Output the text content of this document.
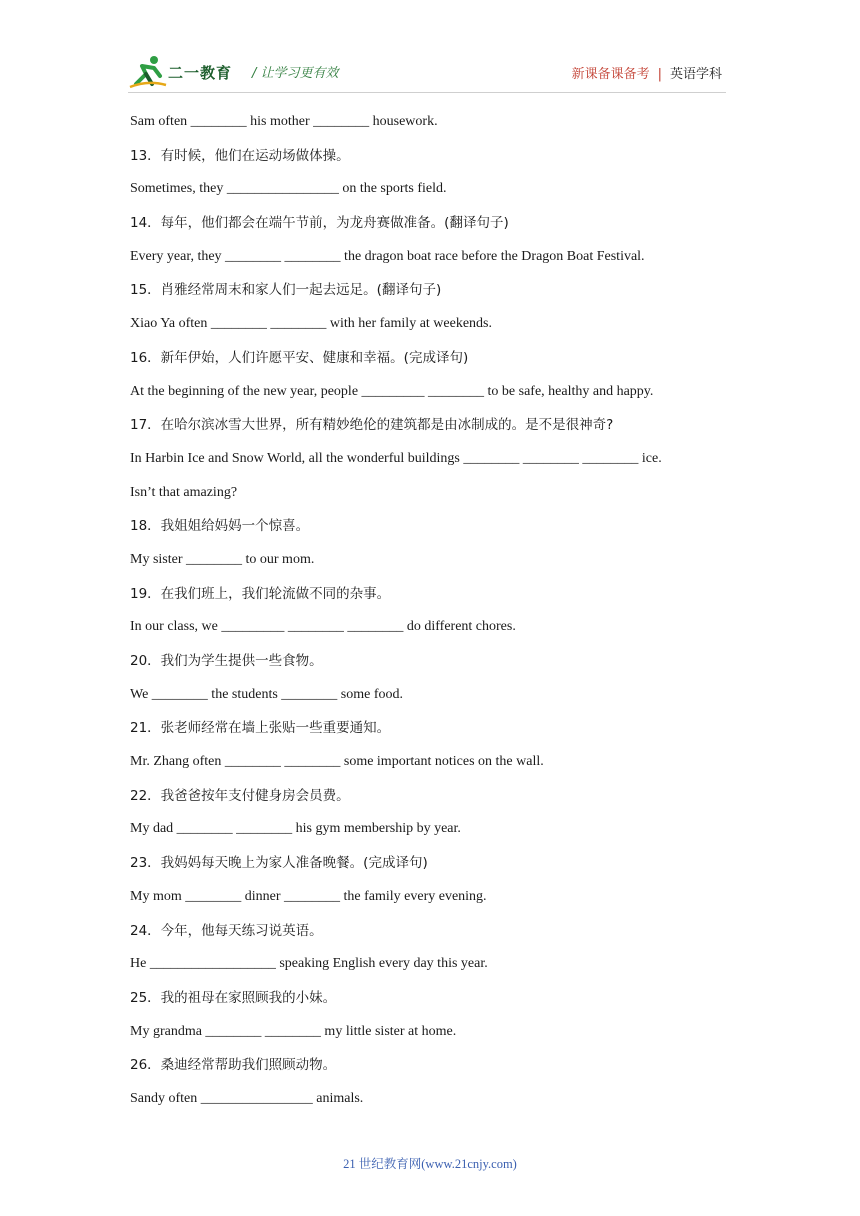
二一教育 / 让学习更有效	新课备课备考 | 英语学科
Sam often ________ his mother ________ housework.
13．有时候，他们在运动场做体操。
Sometimes, they ________________ on the sports field.
14．每年，他们都会在端午节前，为龙舟赛做准备。(翻译句子)
Every year, they ________ ________ the dragon boat race before the Dragon Boat Festival.
15．肖雅经常周末和家人们一起去远足。(翻译句子)
Xiao Ya often ________ ________ with her family at weekends.
16．新年伊始，人们许愿平安、健康和幸福。(完成译句)
At the beginning of the new year, people _________ ________ to be safe, healthy and happy.
17．在哈尔滨冰雪大世界，所有精妙绝伦的建筑都是由冰制成的。是不是很神奇?
In Harbin Ice and Snow World, all the wonderful buildings ________ ________ ________ ice.
Isn’t that amazing?
18．我姐姐给妈妈一个惊喜。
My sister ________ to our mom.
19．在我们班上，我们轮流做不同的杂事。
In our class, we _________ ________ ________ do different chores.
20．我们为学生提供一些食物。
We ________ the students ________ some food.
21．张老师经常在墙上张贴一些重要通知。
Mr. Zhang often ________ ________ some important notices on the wall.
22．我爸爸按年支付健身房会员费。
My dad ________ ________ his gym membership by year.
23．我妈妈每天晚上为家人准备晚餐。(完成译句)
My mom ________ dinner ________ the family every evening.
24．今年，他每天练习说英语。
He __________________ speaking English every day this year.
25．我的祖母在家照顾我的小妹。
My grandma ________ ________ my little sister at home.
26．桑迪经常帮助我们照顾动物。
Sandy often ________________ animals.
21 世纪教育网(www.21cnjy.com)
